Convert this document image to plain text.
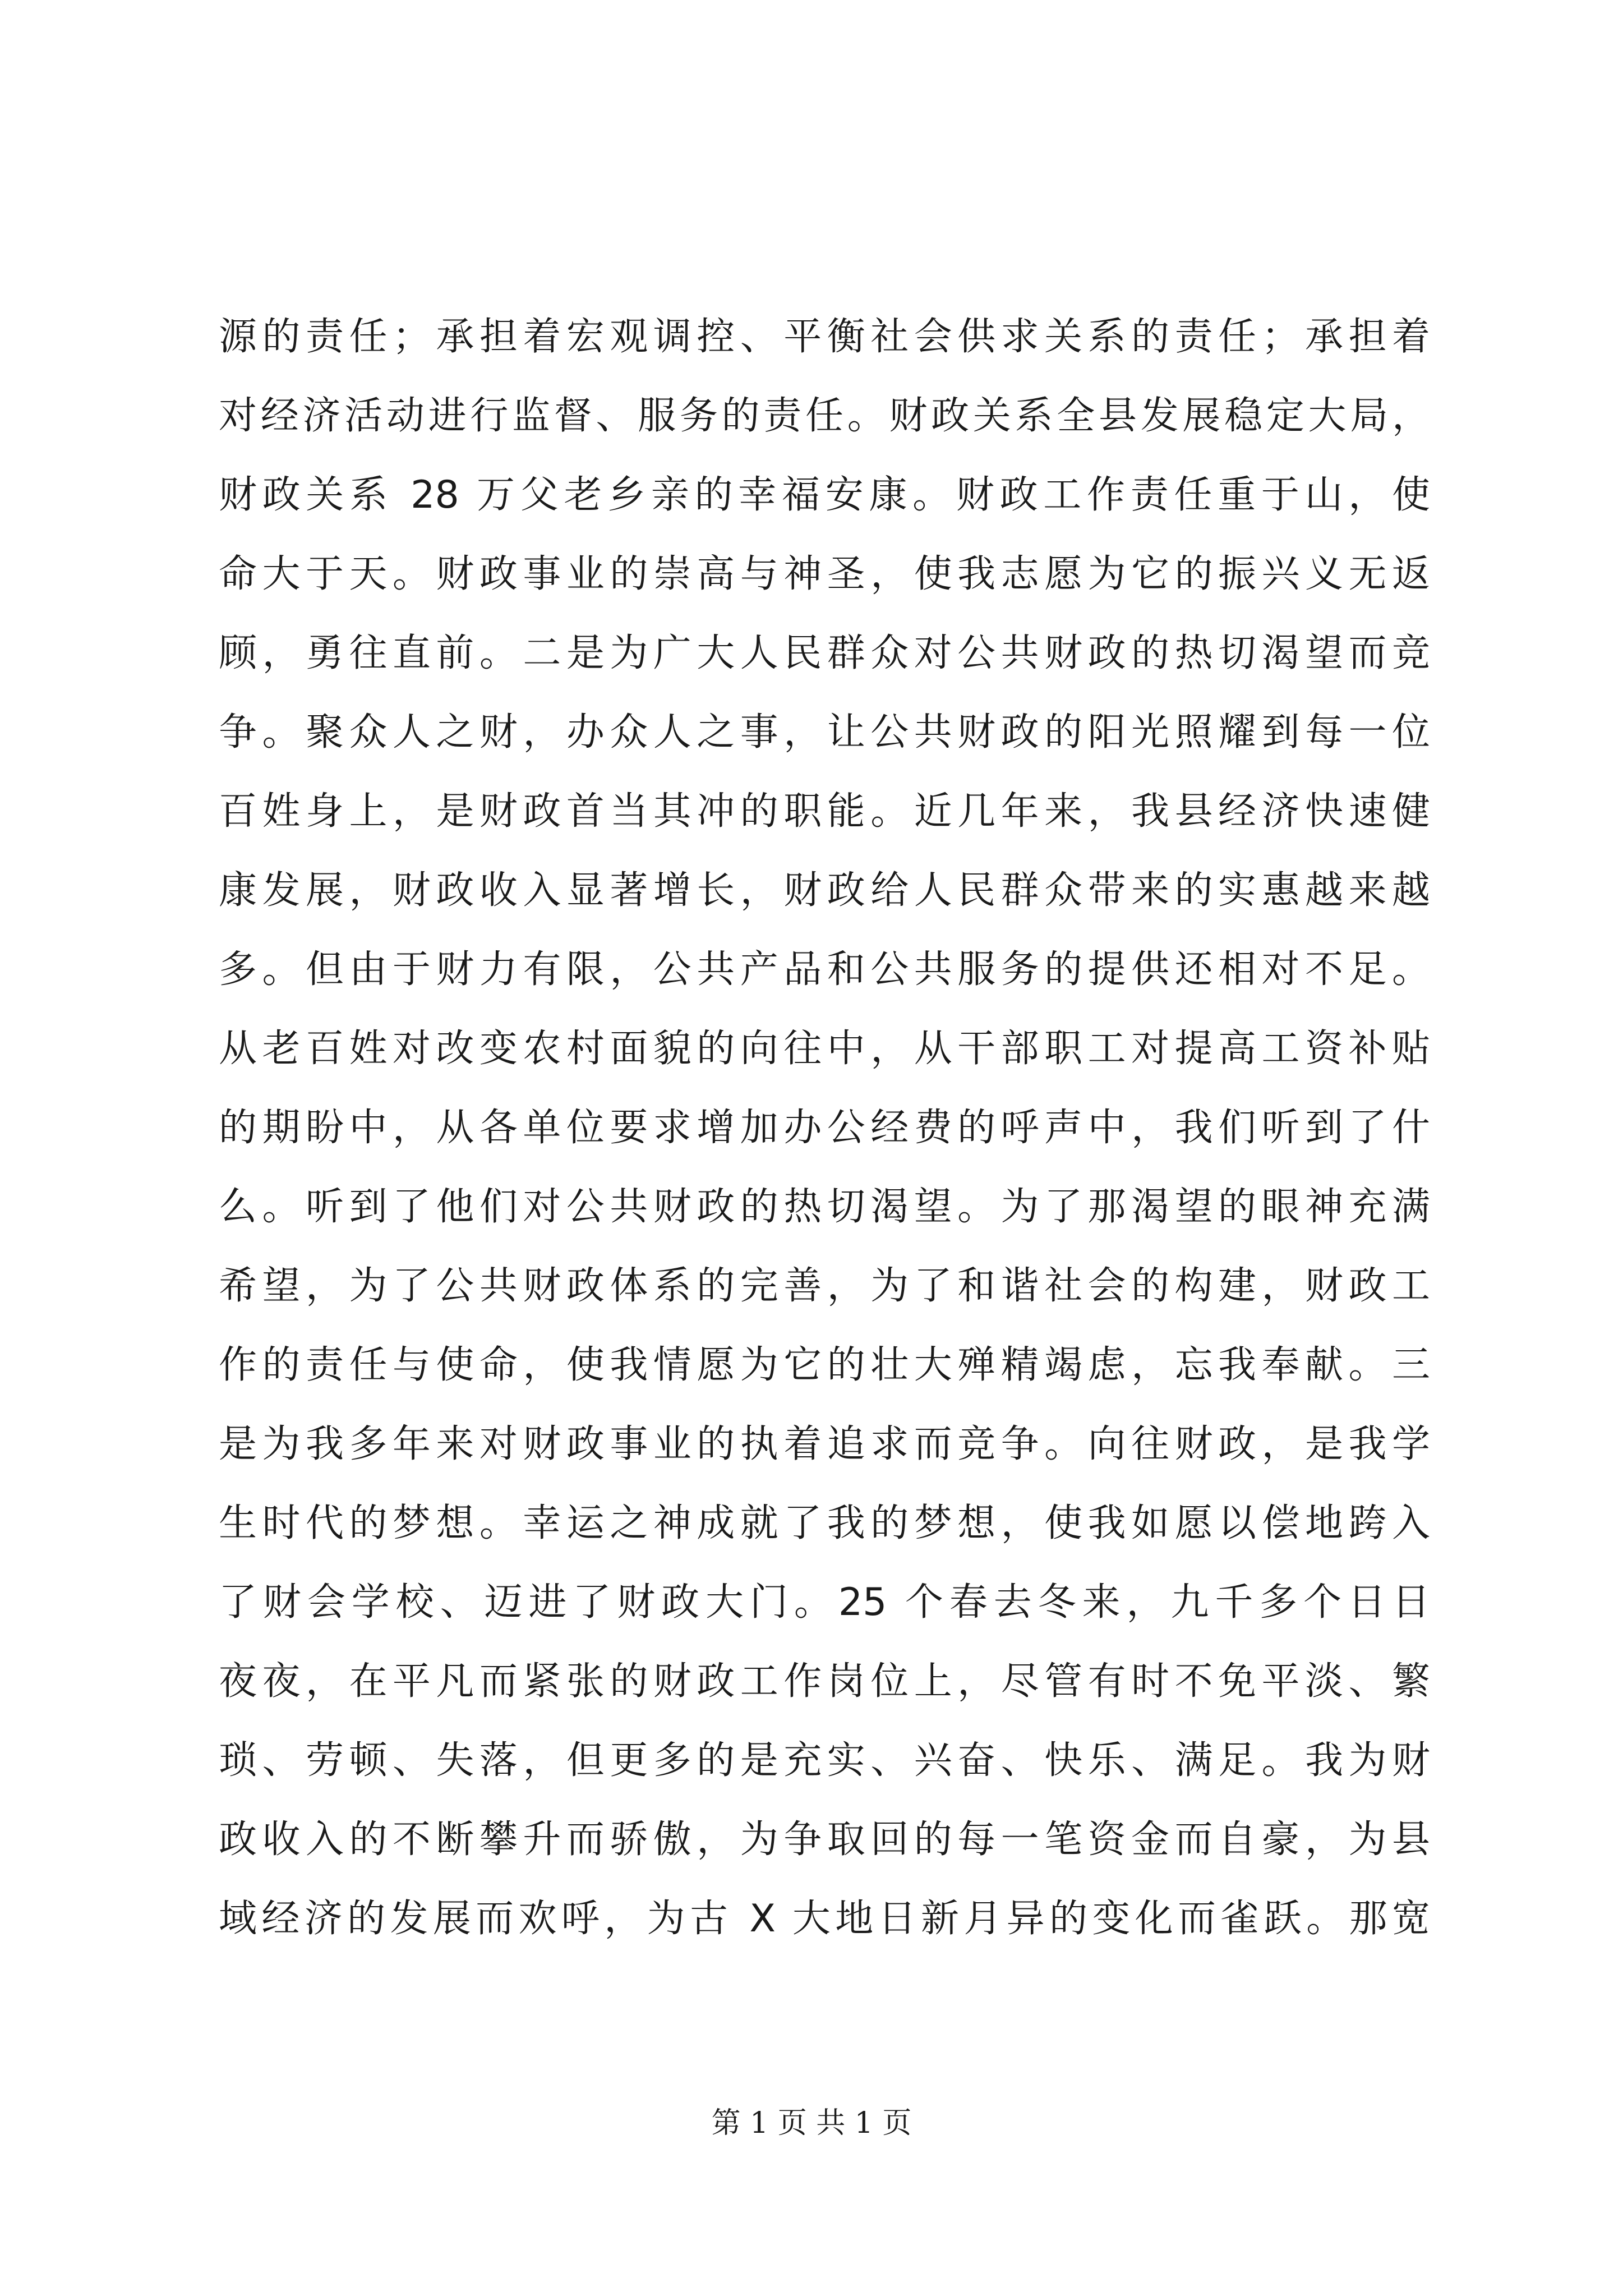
源的责任；承担着宏观调控、平衡社会供求关系的责任；承担着
对经济活动进行监督、服务的责任。财政关系全县发展稳定大局，
财政关系 28 万父老乡亲的幸福安康。财政工作责任重于山，使
命大于天。财政事业的崇高与神圣，使我志愿为它的振兴义无返
顾，勇往直前。二是为广大人民群众对公共财政的热切渴望而竞
争。聚众人之财，办众人之事，让公共财政的阳光照耀到每一位
百姓身上，是财政首当其冲的职能。近几年来，我县经济快速健
康发展，财政收入显著增长，财政给人民群众带来的实惠越来越
多。但由于财力有限，公共产品和公共服务的提供还相对不足。
从老百姓对改变农村面貌的向往中，从干部职工对提高工资补贴
的期盼中，从各单位要求增加办公经费的呼声中，我们听到了什
么。听到了他们对公共财政的热切渴望。为了那渴望的眼神充满
希望，为了公共财政体系的完善，为了和谐社会的构建，财政工
作的责任与使命，使我情愿为它的壮大殚精竭虑，忘我奉献。三
是为我多年来对财政事业的执着追求而竞争。向往财政，是我学
生时代的梦想。幸运之神成就了我的梦想，使我如愿以偿地跨入
了财会学校、迈进了财政大门。25 个春去冬来，九千多个日日
夜夜，在平凡而紧张的财政工作岗位上，尽管有时不免平淡、繁
琐、劳顿、失落，但更多的是充实、兴奋、快乐、满足。我为财
政收入的不断攀升而骄傲，为争取回的每一笔资金而自豪，为县
域经济的发展而欢呼，为古 X 大地日新月异的变化而雀跃。那宽
第 1 页 共 1 页
